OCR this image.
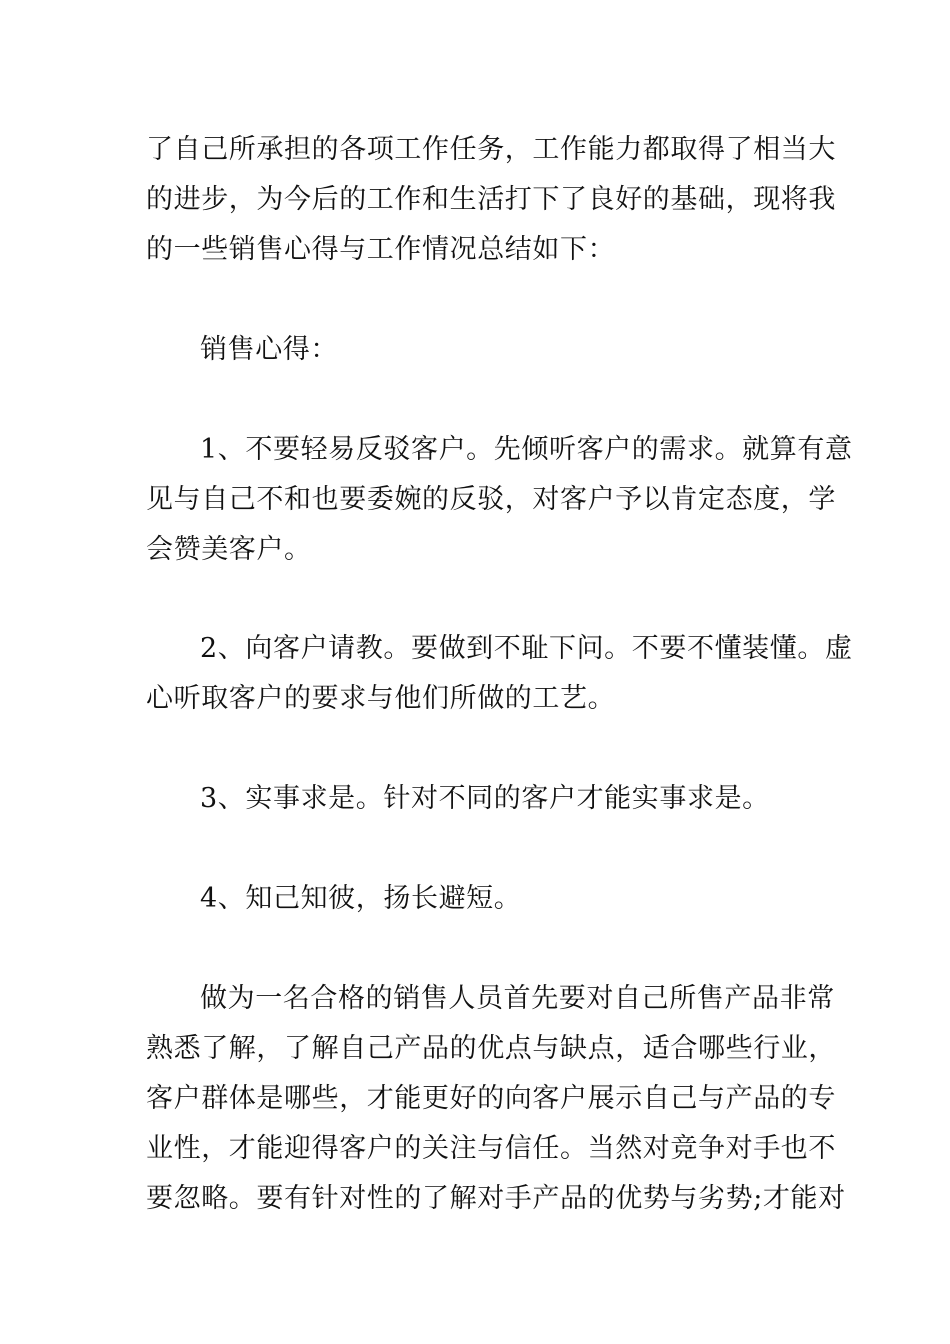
了自己所承担的各项工作任务，工作能力都取得了相当大
的进步，为今后的工作和生活打下了良好的基础，现将我
的一些销售心得与工作情况总结如下：
销售心得：
1、不要轻易反驳客户。先倾听客户的需求。就算有意
见与自己不和也要委婉的反驳，对客户予以肯定态度，学
会赞美客户。
2、向客户请教。要做到不耻下问。不要不懂装懂。虚
心听取客户的要求与他们所做的工艺。
3、实事求是。针对不同的客户才能实事求是。
4、知己知彼，扬长避短。
做为一名合格的销售人员首先要对自己所售产品非常
熟悉了解，了解自己产品的优点与缺点，适合哪些行业，
客户群体是哪些，才能更好的向客户展示自己与产品的专
业性，才能迎得客户的关注与信任。当然对竞争对手也不
要忽略。要有针对性的了解对手产品的优势与劣势;才能对
